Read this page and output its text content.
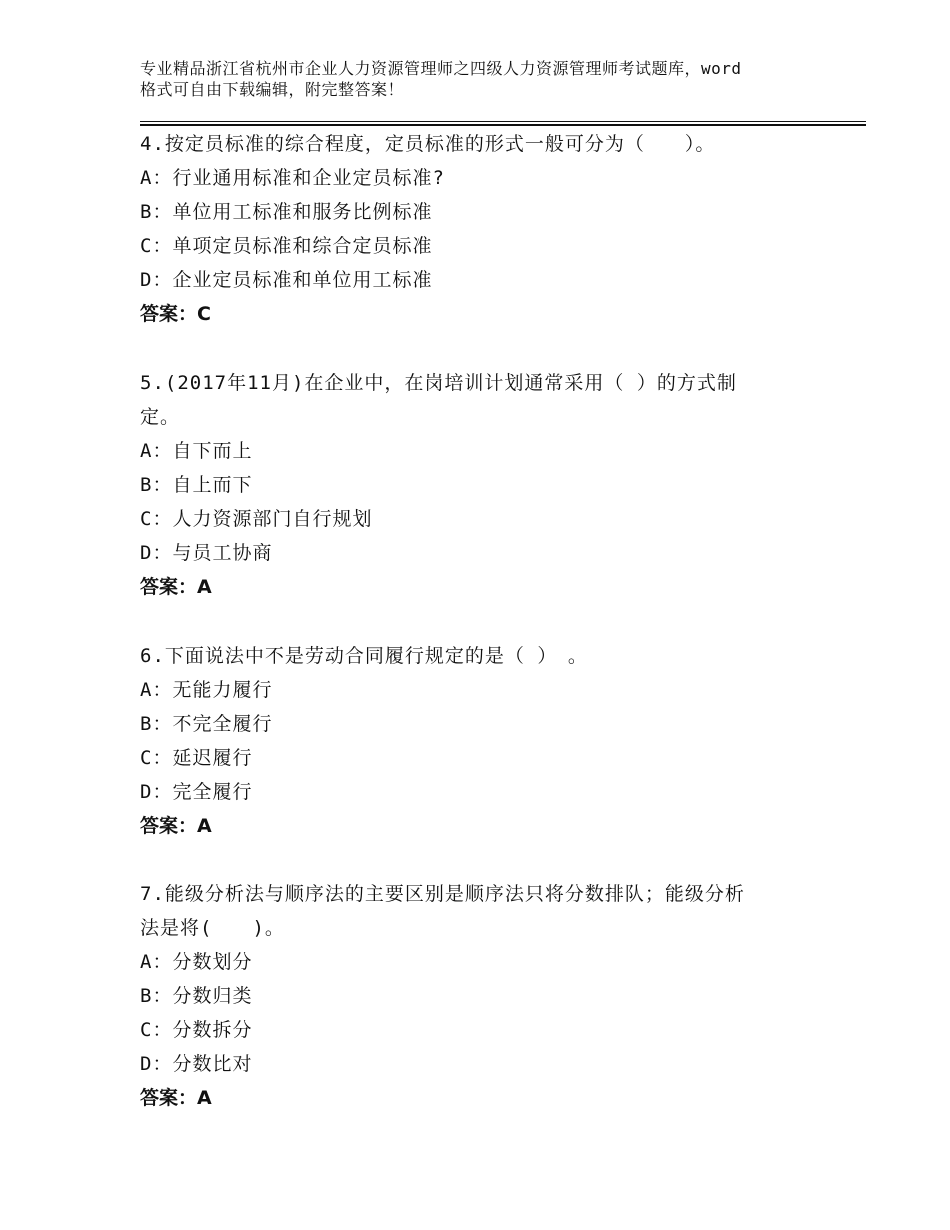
专业精品浙江省杭州市企业人力资源管理师之四级人力资源管理师考试题库，word
格式可自由下载编辑，附完整答案！
4.按定员标准的综合程度，定员标准的形式一般可分为（　　）。
A：行业通用标准和企业定员标准?
B：单位用工标准和服务比例标准
C：单项定员标准和综合定员标准
D：企业定员标准和单位用工标准
答案：C
5.(2017年11月)在企业中，在岗培训计划通常采用（ ）的方式制
定。
A：自下而上
B：自上而下
C：人力资源部门自行规划
D：与员工协商
答案：A
6.下面说法中不是劳动合同履行规定的是（ ）　。
A：无能力履行
B：不完全履行
C：延迟履行
D：完全履行
答案：A
7.能级分析法与顺序法的主要区别是顺序法只将分数排队；能级分析
法是将(　　)。
A：分数划分
B：分数归类
C：分数拆分
D：分数比对
答案：A
